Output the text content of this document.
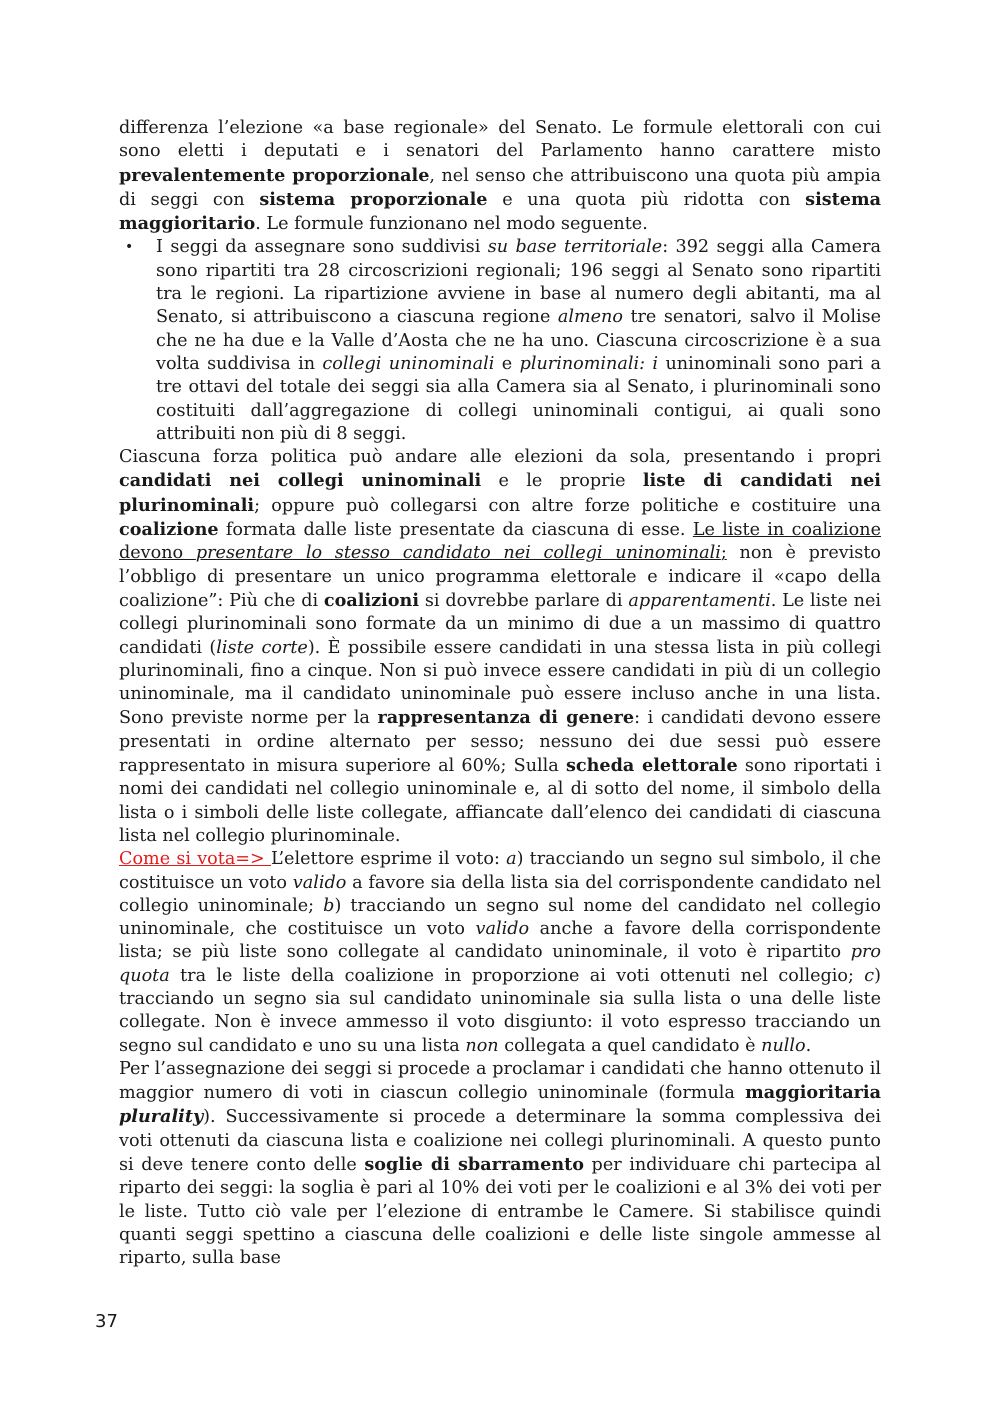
differenza l’elezione «a base regionale» del Senato. Le formule elettorali con cui sono eletti i deputati e i senatori del Parlamento hanno carattere misto prevalentemente proporzionale, nel senso che attribuiscono una quota più ampia di seggi con sistema proporzionale e una quota più ridotta con sistema maggioritario. Le formule funzionano nel modo seguente.

• I seggi da assegnare sono suddivisi su base territoriale: 392 seggi alla Camera sono ripartiti tra 28 circoscrizioni regionali; 196 seggi al Senato sono ripartiti tra le regioni. La ripartizione avviene in base al numero degli abitanti, ma al Senato, si attribuiscono a ciascuna regione almeno tre senatori, salvo il Molise che ne ha due e la Valle d’Aosta che ne ha uno. Ciascuna circoscrizione è a sua volta suddivisa in collegi uninominali e plurinominali: i uninominali sono pari a tre ottavi del totale dei seggi sia alla Camera sia al Senato, i plurinominali sono costituiti dall’aggregazione di collegi uninominali contigui, ai quali sono attribuiti non più di 8 seggi.

Ciascuna forza politica può andare alle elezioni da sola, presentando i propri candidati nei collegi uninominali e le proprie liste di candidati nei plurinominali; oppure può collegarsi con altre forze politiche e costituire una coalizione formata dalle liste presentate da ciascuna di esse. Le liste in coalizione devono presentare lo stesso candidato nei collegi uninominali; non è previsto l’obbligo di presentare un unico programma elettorale e indicare il «capo della coalizione”: Più che di coalizioni si dovrebbe parlare di apparentamenti. Le liste nei collegi plurinominali sono formate da un minimo di due a un massimo di quattro candidati (liste corte). È possibile essere candidati in una stessa lista in più collegi plurinominali, fino a cinque. Non si può invece essere candidati in più di un collegio uninominale, ma il candidato uninominale può essere incluso anche in una lista. Sono previste norme per la rappresentanza di genere: i candidati devono essere presentati in ordine alternato per sesso; nessuno dei due sessi può essere rappresentato in misura superiore al 60%; Sulla scheda elettorale sono riportati i nomi dei candidati nel collegio uninominale e, al di sotto del nome, il simbolo della lista o i simboli delle liste collegate, affiancate dall’elenco dei candidati di ciascuna lista nel collegio plurinominale.

Come si vota=> L’elettore esprime il voto: a) tracciando un segno sul simbolo, il che costituisce un voto valido a favore sia della lista sia del corrispondente candidato nel collegio uninominale; b) tracciando un segno sul nome del candidato nel collegio uninominale, che costituisce un voto valido anche a favore della corrispondente lista; se più liste sono collegate al candidato uninominale, il voto è ripartito pro quota tra le liste della coalizione in proporzione ai voti ottenuti nel collegio; c) tracciando un segno sia sul candidato uninominale sia sulla lista o una delle liste collegate. Non è invece ammesso il voto disgiunto: il voto espresso tracciando un segno sul candidato e uno su una lista non collegata a quel candidato è nullo.

Per l’assegnazione dei seggi si procede a proclamar i candidati che hanno ottenuto il maggior numero di voti in ciascun collegio uninominale (formula maggioritaria plurality). Successivamente si procede a determinare la somma complessiva dei voti ottenuti da ciascuna lista e coalizione nei collegi plurinominali. A questo punto si deve tenere conto delle soglie di sbarramento per individuare chi partecipa al riparto dei seggi: la soglia è pari al 10% dei voti per le coalizioni e al 3% dei voti per le liste. Tutto ciò vale per l’elezione di entrambe le Camere. Si stabilisce quindi quanti seggi spettino a ciascuna delle coalizioni e delle liste singole ammesse al riparto, sulla base

37
